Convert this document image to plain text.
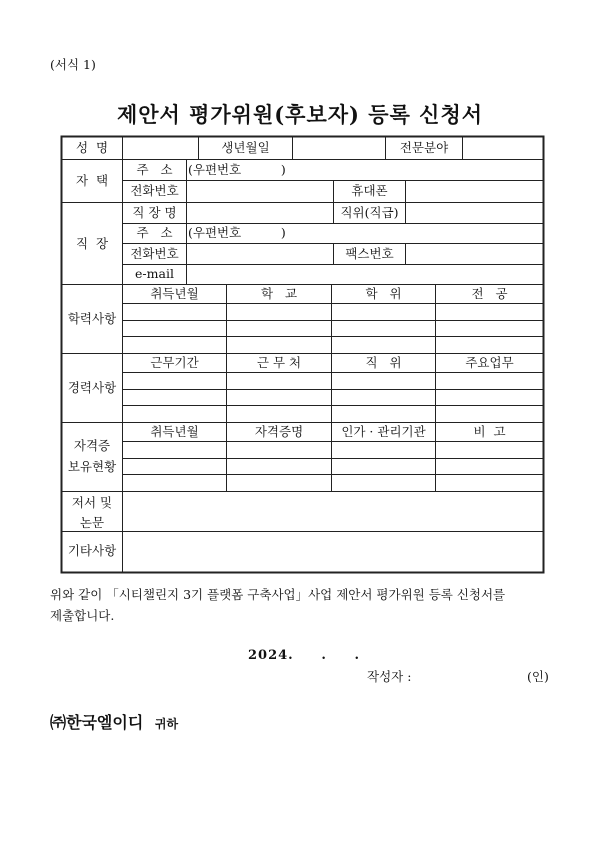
(서식 1)
제안서 평가위원(후보자) 등록 신청서
성  명	생년월일	전문분야
자  택
주   소	(우편번호          )
전화번호	휴대폰
직  장
직 장 명	직위(직급)
주   소	(우편번호          )
전화번호	팩스번호
e-mail
학력사항
취득년월	학   교	학   위	전   공
경력사항
근무기간	근 무 처	직   위	주요업무
자격증
보유현황
취득년월	자격증명	인가 · 관리기관	비  고
저서 및
논문
기타사항
위와 같이 「시티챌린지 3기 플랫폼 구축사업」사업 제안서 평가위원 등록 신청서를
제출합니다.
2024.     .     .
작성자 :	(인)
㈜한국엘이디 귀하
